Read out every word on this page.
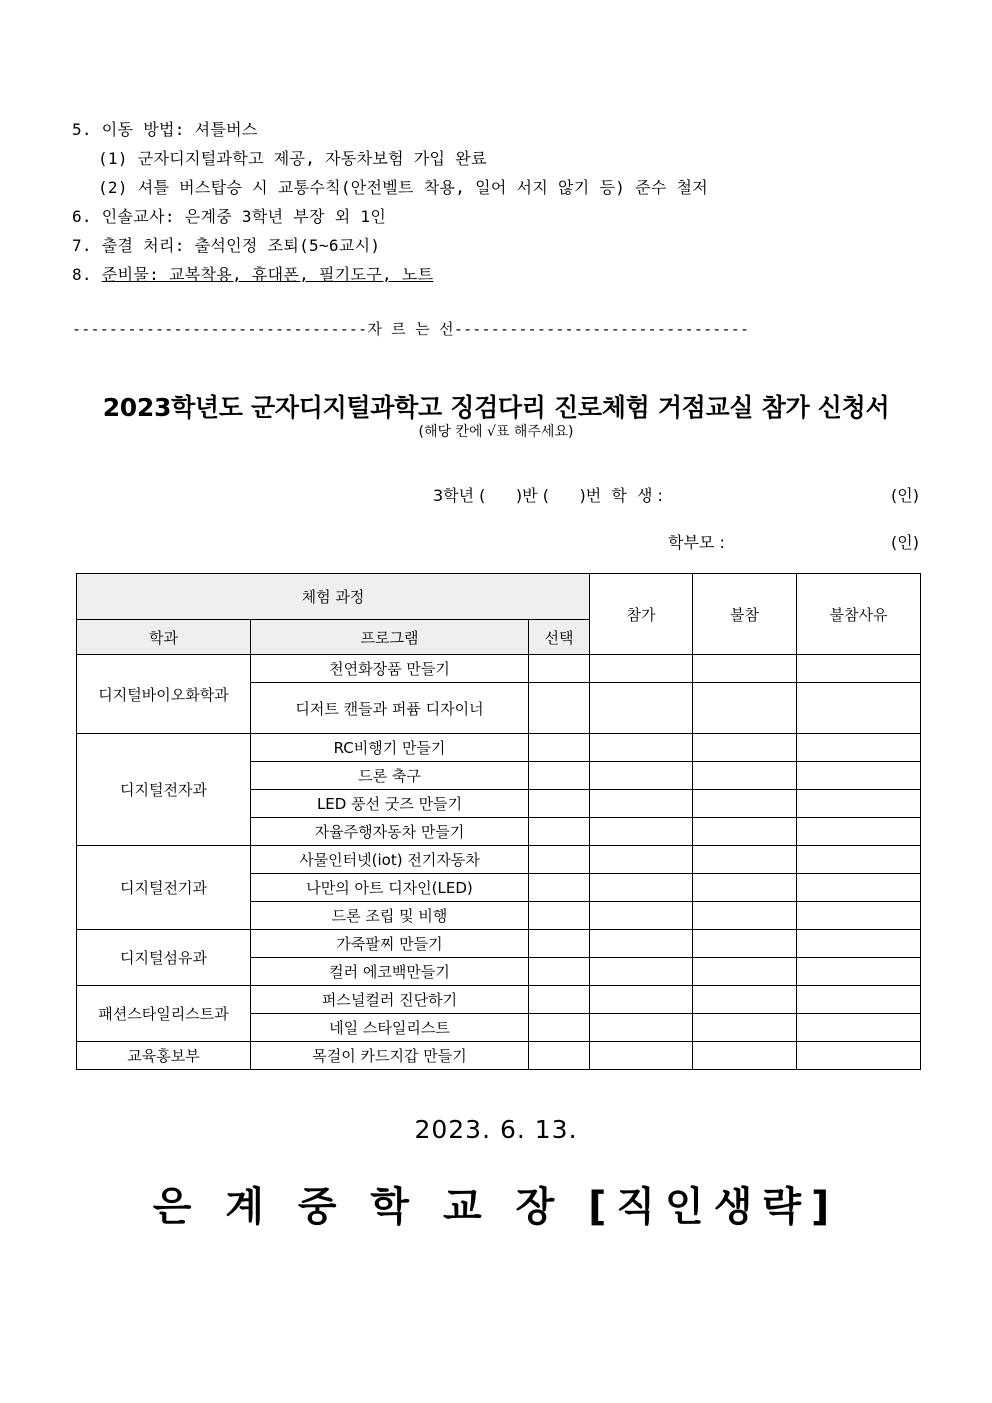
5. 이동 방법: 셔틀버스
(1) 군자디지털과학고 제공, 자동차보험 가입 완료
(2) 셔틀 버스탑승 시 교통수칙(안전벨트 착용, 일어 서지 않기 등) 준수 철저
6. 인솔교사: 은계중 3학년 부장 외 1인
7. 출결 처리: 출석인정 조퇴(5~6교시)
8. 준비물: 교복착용, 휴대폰, 필기도구, 노트
--------------------------------자 르 는 선--------------------------------
2023학년도 군자디지털과학고 징검다리 진로체험 거점교실 참가 신청서
(해당 칸에 √표 해주세요)
3학년 (      )반 (      )번  학  생 :	(인)
학부모 :	(인)
체험 과정			참가	불참	불참사유
학과	프로그램	선택			
디지털바이오화학과	천연화장품 만들기				
	디저트 캔들과 퍼퓸 디자이너				
디지털전자과	RC비행기 만들기				
	드론 축구				
	LED 풍선 굿즈 만들기				
	자율주행자동차 만들기				
디지털전기과	사물인터넷(iot) 전기자동차				
	나만의 아트 디자인(LED)				
	드론 조립 및 비행				
디지털섬유과	가죽팔찌 만들기				
	컬러 에코백만들기				
패션스타일리스트과	퍼스널컬러 진단하기				
	네일 스타일리스트				
교육홍보부	목걸이 카드지갑 만들기				
2023. 6. 13.
은 계 중 학 교 장 [직인생략]
